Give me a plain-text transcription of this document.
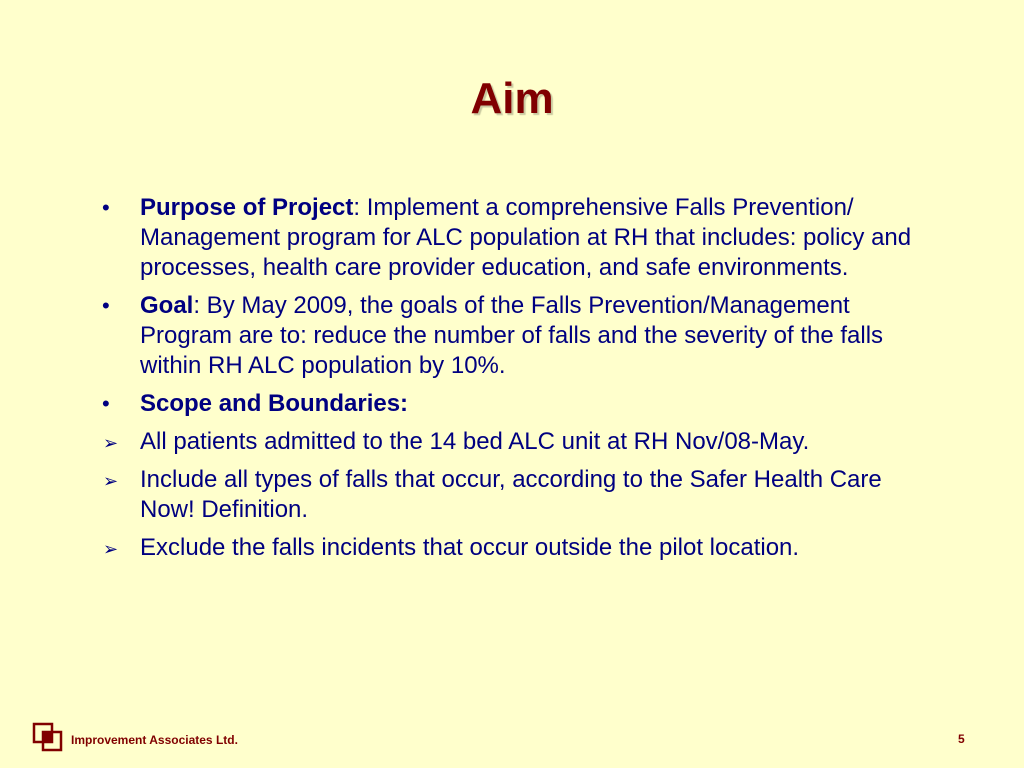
Aim
•	Purpose of Project: Implement a comprehensive Falls Prevention/ Management program for ALC population at RH that includes: policy and processes, health care provider education, and safe environments.
•	Goal: By May 2009, the goals of the Falls Prevention/Management Program are to: reduce the number of falls and the severity of the falls within RH ALC population by 10%.
•	Scope and Boundaries:
➢ All patients admitted to the 14 bed ALC unit at RH Nov/08-May.
➢ Include all types of falls that occur, according to the Safer Health Care Now! Definition.
➢ Exclude the falls incidents that occur outside the pilot location.
Improvement Associates Ltd.	5
